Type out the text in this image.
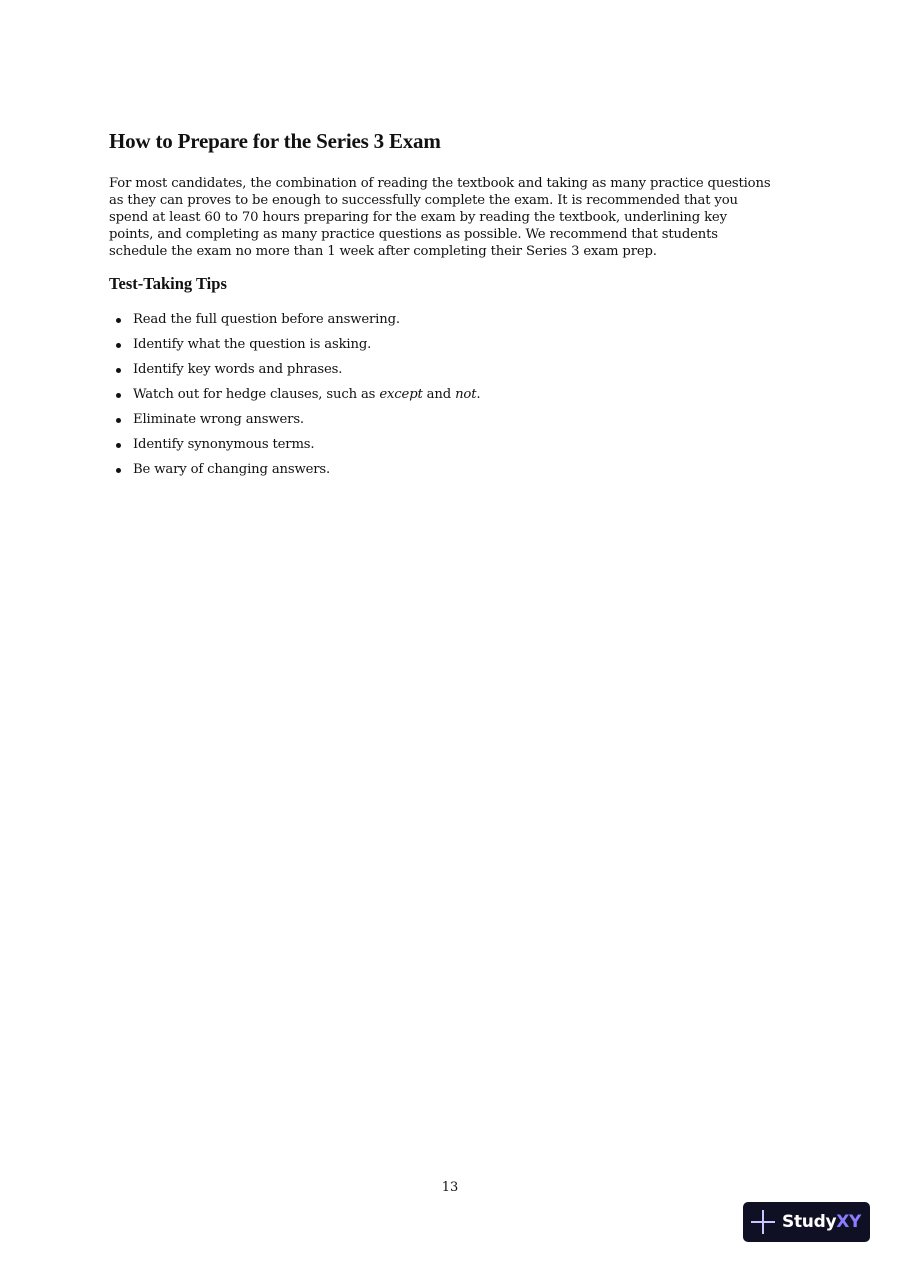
How to Prepare for the Series 3 Exam

For most candidates, the combination of reading the textbook and taking as many practice questions
as they can proves to be enough to successfully complete the exam. It is recommended that you
spend at least 60 to 70 hours preparing for the exam by reading the textbook, underlining key
points, and completing as many practice questions as possible. We recommend that students
schedule the exam no more than 1 week after completing their Series 3 exam prep.

Test-Taking Tips
Read the full question before answering.
Identify what the question is asking.
Identify key words and phrases.
Watch out for hedge clauses, such as except and not.
Eliminate wrong answers.
Identify synonymous terms.
Be wary of changing answers.
13
StudyXY
